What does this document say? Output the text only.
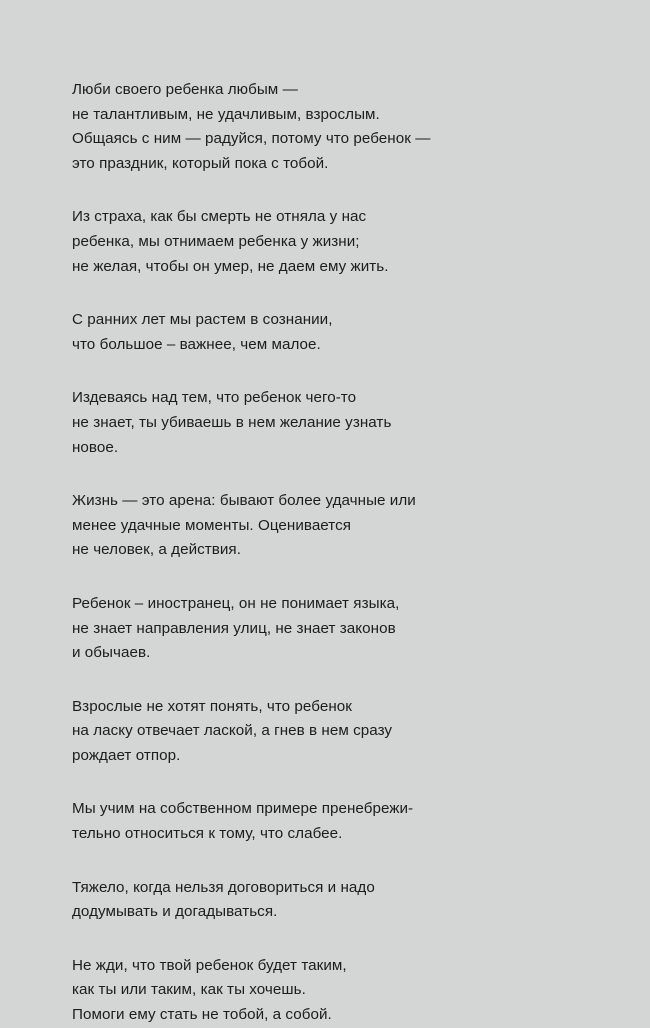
Люби своего ребенка любым —
не талантливым, не удачливым, взрослым.
Общаясь с ним — радуйся, потому что ребенок —
это праздник, который пока с тобой.
Из страха, как бы смерть не отняла у нас
ребенка, мы отнимаем ребенка у жизни;
не желая, чтобы он умер, не даем ему жить.
С ранних лет мы растем в сознании,
что большое – важнее, чем малое.
Издеваясь над тем, что ребенок чего-то
не знает, ты убиваешь в нем желание узнать
новое.
Жизнь — это арена: бывают более удачные или
менее удачные моменты. Оценивается
не человек, а действия.
Ребенок – иностранец, он не понимает языка,
не знает направления улиц, не знает законов
и обычаев.
Взрослые не хотят понять, что ребенок
на ласку отвечает лаской, а гнев в нем сразу
рождает отпор.
Мы учим на собственном примере пренебрежи-
тельно относиться к тому, что слабее.
Тяжело, когда нельзя договориться и надо
додумывать и догадываться.
Не жди, что твой ребенок будет таким,
как ты или таким, как ты хочешь.
Помоги ему стать не тобой, а собой.
